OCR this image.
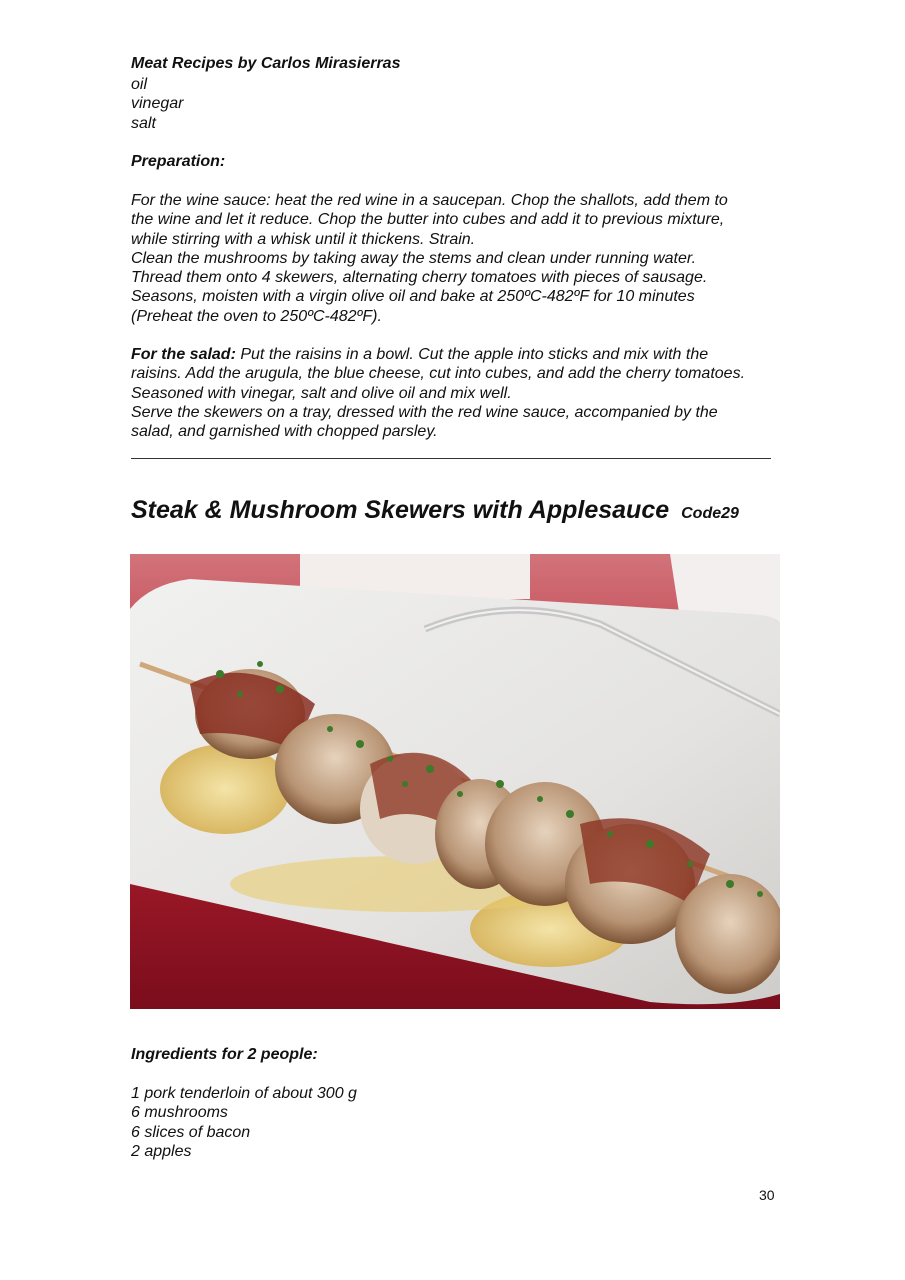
Meat Recipes by Carlos Mirasierras
oil
vinegar
salt
Preparation:
For the wine sauce: heat the red wine in a saucepan. Chop the shallots, add them to
the wine and let it reduce. Chop the butter into cubes and add it to previous mixture,
while stirring with a whisk until it thickens. Strain.
Clean the mushrooms by taking away the stems and clean under running water.
Thread them onto 4 skewers, alternating cherry tomatoes with pieces of sausage.
Seasons, moisten with a virgin olive oil and bake at 250ºC-482ºF for 10 minutes
(Preheat the oven to 250ºC-482ºF).
For the salad: Put the raisins in a bowl. Cut the apple into sticks and mix with the
raisins. Add the arugula, the blue cheese, cut into cubes, and add the cherry tomatoes.
Seasoned with vinegar, salt and olive oil and mix well.
Serve the skewers on a tray, dressed with the red wine sauce, accompanied by the
salad, and garnished with chopped parsley.
Steak & Mushroom Skewers with Applesauce Code29
Ingredients for 2 people:
1 pork tenderloin of about 300 g
6 mushrooms
6 slices of bacon
2 apples
30
